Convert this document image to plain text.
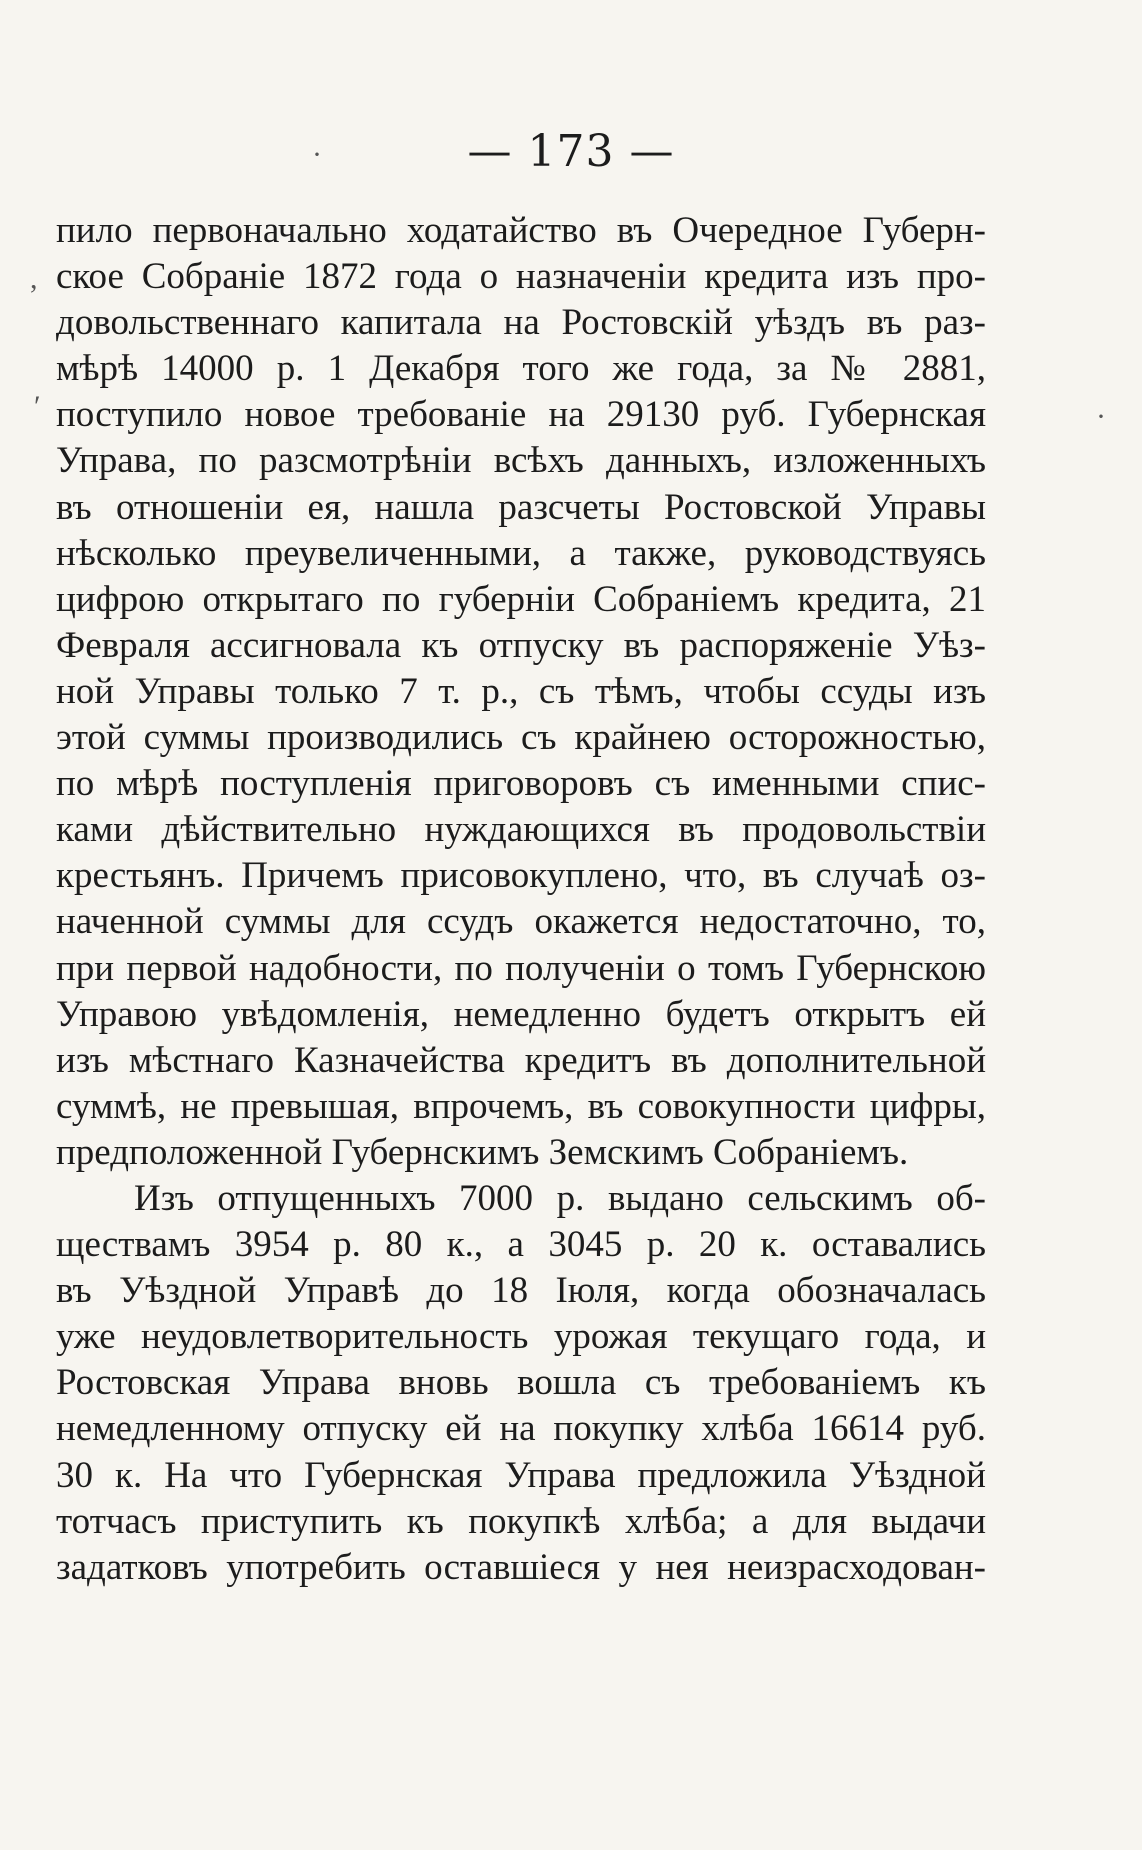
·
,
ʹ	·
— 173 —
пило первоначально ходатайство въ Очередное Губерн-
ское Собраніе 1872 года о назначеніи кредита изъ про-
довольственнаго капитала на Ростовскій уѣздъ въ раз-
мѣрѣ 14000 р. 1 Декабря того же года, за № 2881,
поступило новое требованіе на 29130 руб. Губернская
Управа, по разсмотрѣніи всѣхъ данныхъ, изложенныхъ
въ отношеніи ея, нашла разсчеты Ростовской Управы
нѣсколько преувеличенными, а также, руководствуясь
цифрою открытаго по губерніи Собраніемъ кредита, 21
Февраля ассигновала къ отпуску въ распоряженіе Уѣз-
ной Управы только 7 т. р., съ тѣмъ, чтобы ссуды изъ
этой суммы производились съ крайнею осторожностью,
по мѣрѣ поступленія приговоровъ съ именными спис-
ками дѣйствительно нуждающихся въ продовольствіи
крестьянъ. Причемъ присовокуплено, что, въ случаѣ оз-
наченной суммы для ссудъ окажется недостаточно, то,
при первой надобности, по полученіи о томъ Губернскою
Управою увѣдомленія, немедленно будетъ открытъ ей
изъ мѣстнаго Казначейства кредитъ въ дополнительной
суммѣ, не превышая, впрочемъ, въ совокупности цифры,
предположенной Губернскимъ Земскимъ Собраніемъ.
Изъ отпущенныхъ 7000 р. выдано сельскимъ об-
ществамъ 3954 р. 80 к., а 3045 р. 20 к. оставались
въ Уѣздной Управѣ до 18 Іюля, когда обозначалась
уже неудовлетворительность урожая текущаго года, и
Ростовская Управа вновь вошла съ требованіемъ къ
немедленному отпуску ей на покупку хлѣба 16614 руб.
30 к. На что Губернская Управа предложила Уѣздной
тотчасъ приступить къ покупкѣ хлѣба; а для выдачи
задатковъ употребить оставшіеся у нея неизрасходован-
